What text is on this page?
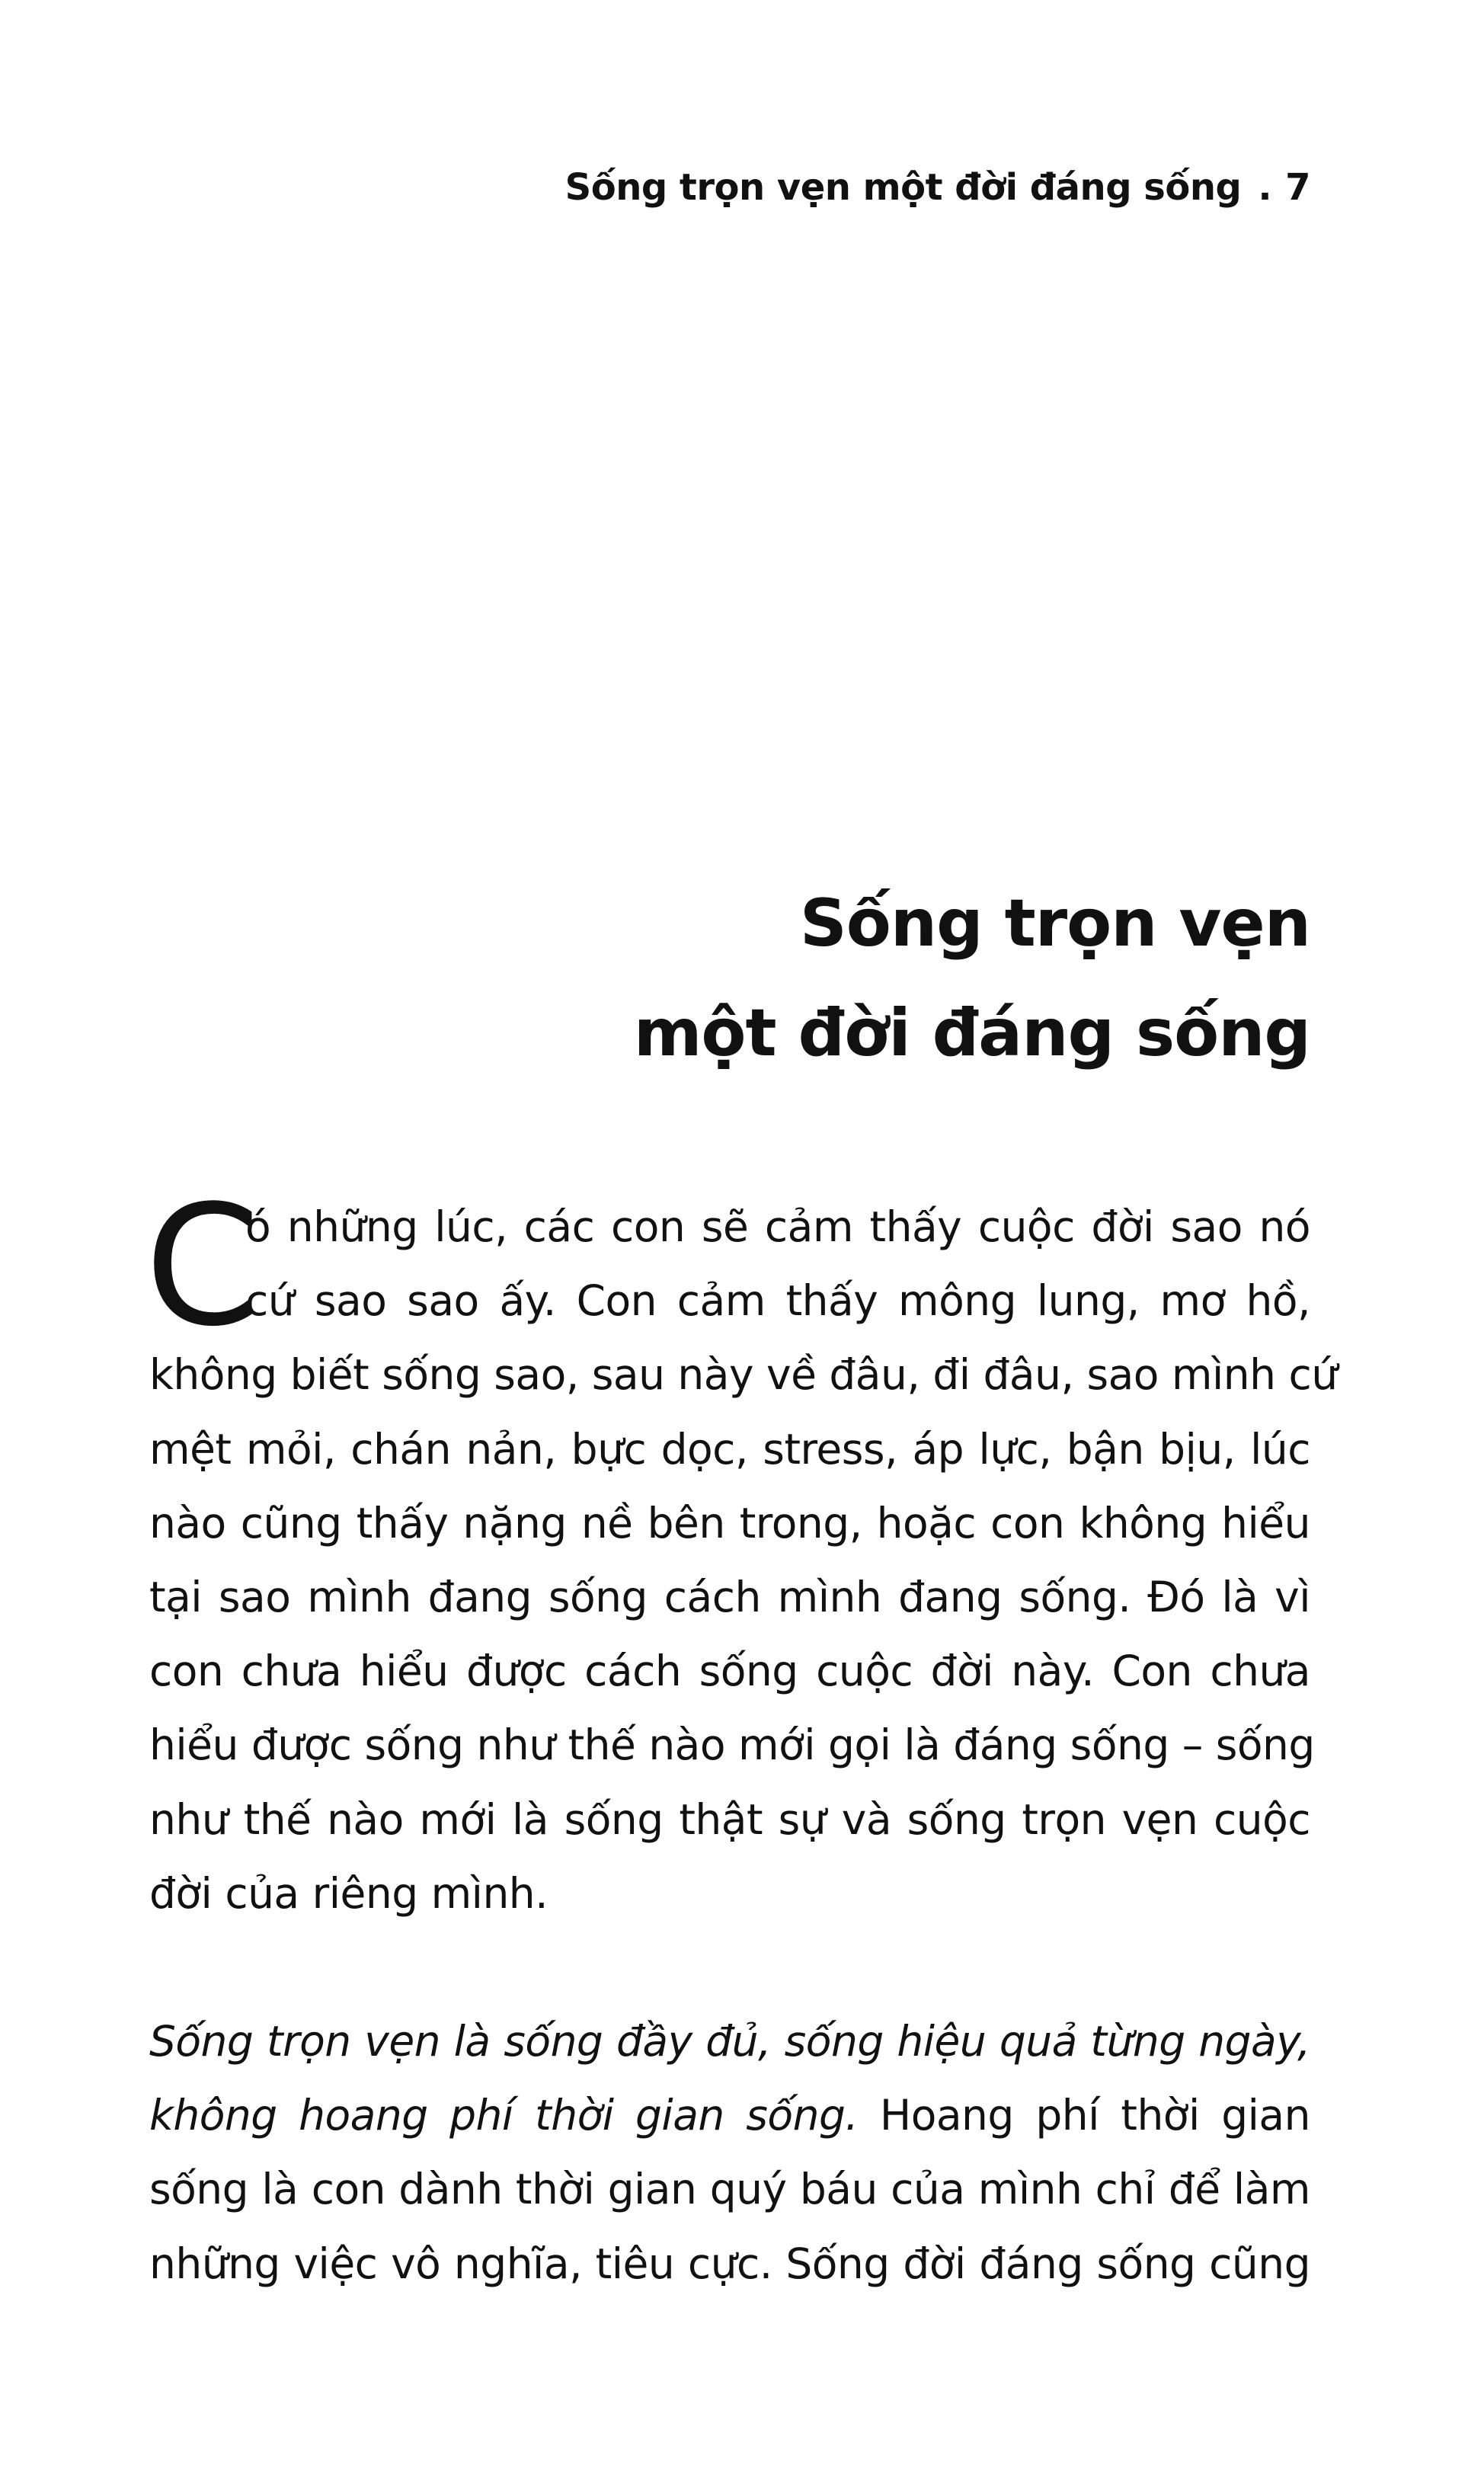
Sống trọn vẹn một đời đáng sống . 7
Sống trọn vẹn
một đời đáng sống

C
ó những lúc, các con sẽ cảm thấy cuộc đời sao nó
cứ sao sao ấy. Con cảm thấy mông lung, mơ hồ,
không biết sống sao, sau này về đâu, đi đâu, sao mình cứ
mệt mỏi, chán nản, bực dọc, stress, áp lực, bận bịu, lúc
nào cũng thấy nặng nề bên trong, hoặc con không hiểu
tại sao mình đang sống cách mình đang sống. Đó là vì
con chưa hiểu được cách sống cuộc đời này. Con chưa
hiểu được sống như thế nào mới gọi là đáng sống – sống
như thế nào mới là sống thật sự và sống trọn vẹn cuộc
đời của riêng mình.

Sống trọn vẹn là sống đầy đủ, sống hiệu quả từng ngày,
không hoang phí thời gian sống. Hoang phí thời gian
sống là con dành thời gian quý báu của mình chỉ để làm
những việc vô nghĩa, tiêu cực. Sống đời đáng sống cũng
